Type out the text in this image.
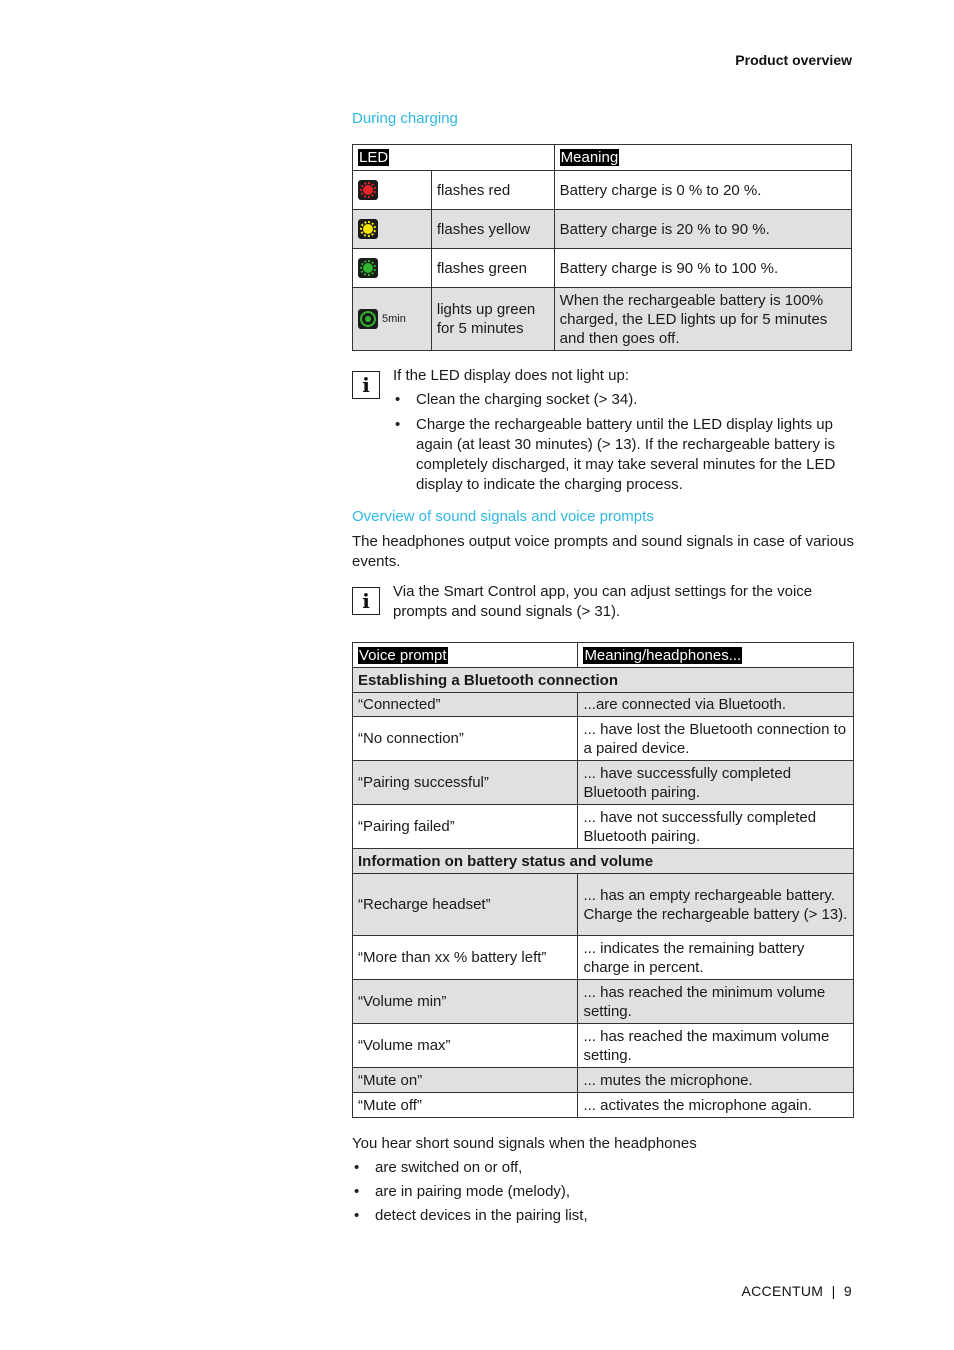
Product overview
During charging
LED		Meaning

	flashes red	Battery charge is 0 % to 20 %.

	flashes yellow	Battery charge is 20 % to 90 %.

	flashes green	Battery charge is 90 % to 100 %.

5min	lights up green for 5 minutes	When the rechargeable battery is 100% charged, the LED lights up for 5 minutes and then goes off.
i	If the LED display does not light up:
• Clean the charging socket (> 34).
• Charge the rechargeable battery until the LED display lights up again (at least 30 minutes) (> 13). If the rechargeable battery is completely discharged, it may take several minutes for the LED display to indicate the charging process.
Overview of sound signals and voice prompts
The headphones output voice prompts and sound signals in case of various events.
i	Via the Smart Control app, you can adjust settings for the voice prompts and sound signals (> 31).
Voice prompt	Meaning/headphones...
Establishing a Bluetooth connection	
“Connected”	...are connected via Bluetooth.
“No connection”	... have lost the Bluetooth connection to a paired device.
“Pairing successful”	... have successfully completed Bluetooth pairing.
“Pairing failed”	... have not successfully completed Bluetooth pairing.
Information on battery status and volume	
“Recharge headset”	... has an empty rechargeable battery. Charge the rechargeable battery (> 13).
“More than xx % battery left”	... indicates the remaining battery charge in percent.
“Volume min”	... has reached the minimum volume setting.
“Volume max”	... has reached the maximum volume setting.
“Mute on”	... mutes the microphone.
“Mute off”	... activates the microphone again.
You hear short sound signals when the headphones
• are switched on or off,
• are in pairing mode (melody),
• detect devices in the pairing list,
ACCENTUM  |  9
